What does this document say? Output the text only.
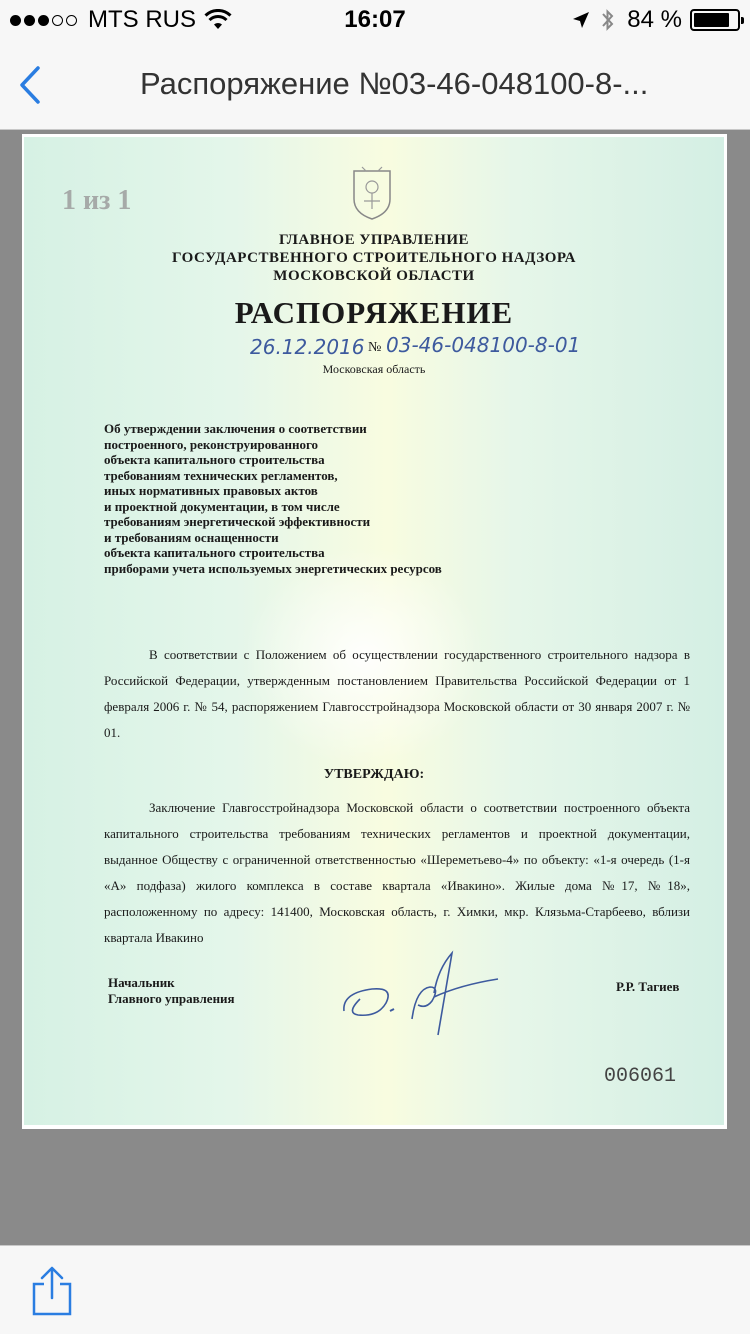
MTS RUS	16:07	84 %
Распоряжение №03-46-048100-8-...
1 из 1
ГЛАВНОЕ УПРАВЛЕНИЕ
ГОСУДАРСТВЕННОГО СТРОИТЕЛЬНОГО НАДЗОРА
МОСКОВСКОЙ ОБЛАСТИ
РАСПОРЯЖЕНИЕ
26.12.2016 № 03-46-048100-8-01
Московская область
Об утверждении заключения о соответствии
построенного, реконструированного
объекта капитального строительства
требованиям технических регламентов,
иных нормативных правовых актов
и проектной документации, в том числе
требованиям энергетической эффективности
и требованиям оснащенности
объекта капитального строительства
приборами учета используемых энергетических ресурсов
В соответствии с Положением об осуществлении государственного строительного надзора в Российской Федерации, утвержденным постановлением Правительства Российской Федерации от 1 февраля 2006 г. № 54, распоряжением Главгосстройнадзора Московской области от 30 января 2007 г. № 01.
УТВЕРЖДАЮ:
Заключение Главгосстройнадзора Московской области о соответствии построенного объекта капитального строительства требованиям технических регламентов и проектной документации, выданное Обществу с ограниченной ответственностью «Шереметьево-4» по объекту: «1-я очередь (1-я «А» подфаза) жилого комплекса в составе квартала «Ивакино». Жилые дома №17, №18», расположенному по адресу: 141400, Московская область, г. Химки, мкр. Клязьма-Старбеево, вблизи квартала Ивакино
Начальник
Главного управления
Р.Р. Тагиев
006061
